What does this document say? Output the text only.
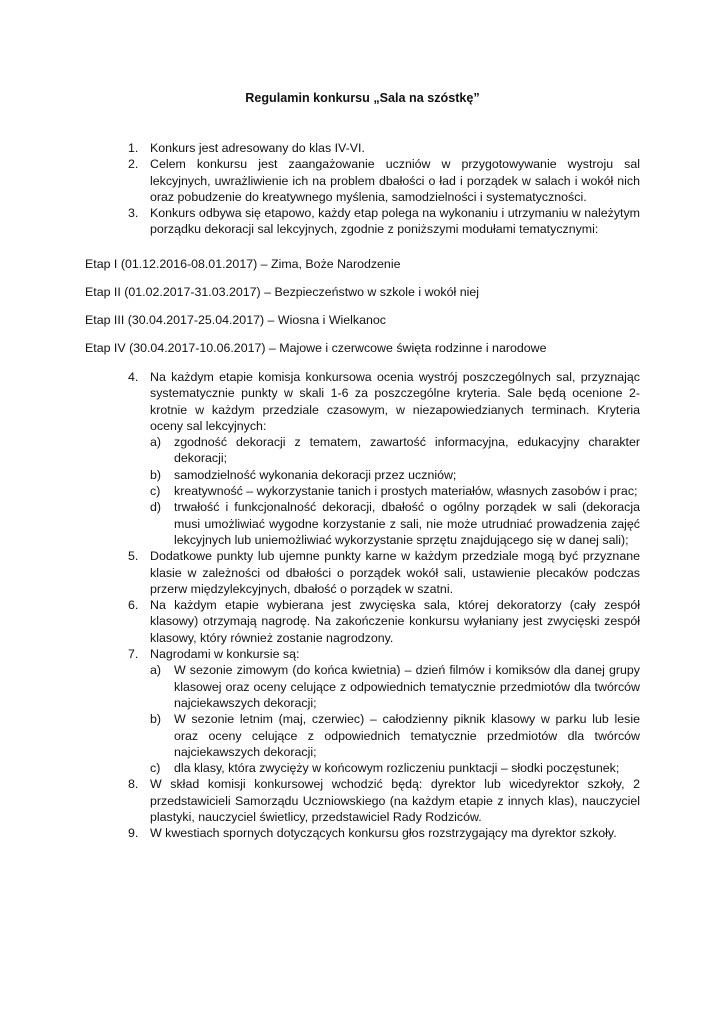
Regulamin konkursu „Sala na szóstkę”
1. Konkurs jest adresowany do klas IV-VI.
2. Celem konkursu jest zaangażowanie uczniów w przygotowywanie wystroju sal lekcyjnych, uwrażliwienie ich na problem dbałości o ład i porządek w salach i wokół nich oraz pobudzenie do kreatywnego myślenia, samodzielności i systematyczności.
3. Konkurs odbywa się etapowo, każdy etap polega na wykonaniu i utrzymaniu w należytym porządku dekoracji sal lekcyjnych, zgodnie z poniższymi modułami tematycznymi:
Etap I (01.12.2016-08.01.2017) – Zima, Boże Narodzenie
Etap II (01.02.2017-31.03.2017) – Bezpieczeństwo w szkole i wokół niej
Etap III (30.04.2017-25.04.2017) – Wiosna i Wielkanoc
Etap IV (30.04.2017-10.06.2017) – Majowe i czerwcowe święta rodzinne i narodowe
4. Na każdym etapie komisja konkursowa ocenia wystrój poszczególnych sal, przyznając systematycznie punkty w skali 1-6 za poszczególne kryteria. Sale będą ocenione 2-krotnie w każdym przedziale czasowym, w niezapowiedzianych terminach. Kryteria oceny sal lekcyjnych:
a) zgodność dekoracji z tematem, zawartość informacyjna, edukacyjny charakter dekoracji;
b) samodzielność wykonania dekoracji przez uczniów;
c) kreatywność – wykorzystanie tanich i prostych materiałów, własnych zasobów i prac;
d) trwałość i funkcjonalność dekoracji, dbałość o ogólny porządek w sali (dekoracja musi umożliwiać wygodne korzystanie z sali, nie może utrudniać prowadzenia zajęć lekcyjnych lub uniemożliwiać wykorzystanie sprzętu znajdującego się w danej sali);
5. Dodatkowe punkty lub ujemne punkty karne w każdym przedziale mogą być przyznane klasie w zależności od dbałości o porządek wokół sali, ustawienie plecaków podczas przerw międzylekcyjnych, dbałość o porządek w szatni.
6. Na każdym etapie wybierana jest zwycięska sala, której dekoratorzy (cały zespół klasowy) otrzymają nagrodę. Na zakończenie konkursu wyłaniany jest zwycięski zespół klasowy, który również zostanie nagrodzony.
7. Nagrodami w konkursie są:
a) W sezonie zimowym (do końca kwietnia) – dzień filmów i komiksów dla danej grupy klasowej oraz oceny celujące z odpowiednich tematycznie przedmiotów dla twórców najciekawszych dekoracji;
b) W sezonie letnim (maj, czerwiec) – całodzienny piknik klasowy w parku lub lesie oraz oceny celujące z odpowiednich tematycznie przedmiotów dla twórców najciekawszych dekoracji;
c) dla klasy, która zwycięży w końcowym rozliczeniu punktacji – słodki poczęstunek;
8. W skład komisji konkursowej wchodzić będą: dyrektor lub wicedyrektor szkoły, 2 przedstawicieli Samorządu Uczniowskiego (na każdym etapie z innych klas), nauczyciel plastyki, nauczyciel świetlicy, przedstawiciel Rady Rodziców.
9. W kwestiach spornych dotyczących konkursu głos rozstrzygający ma dyrektor szkoły.
